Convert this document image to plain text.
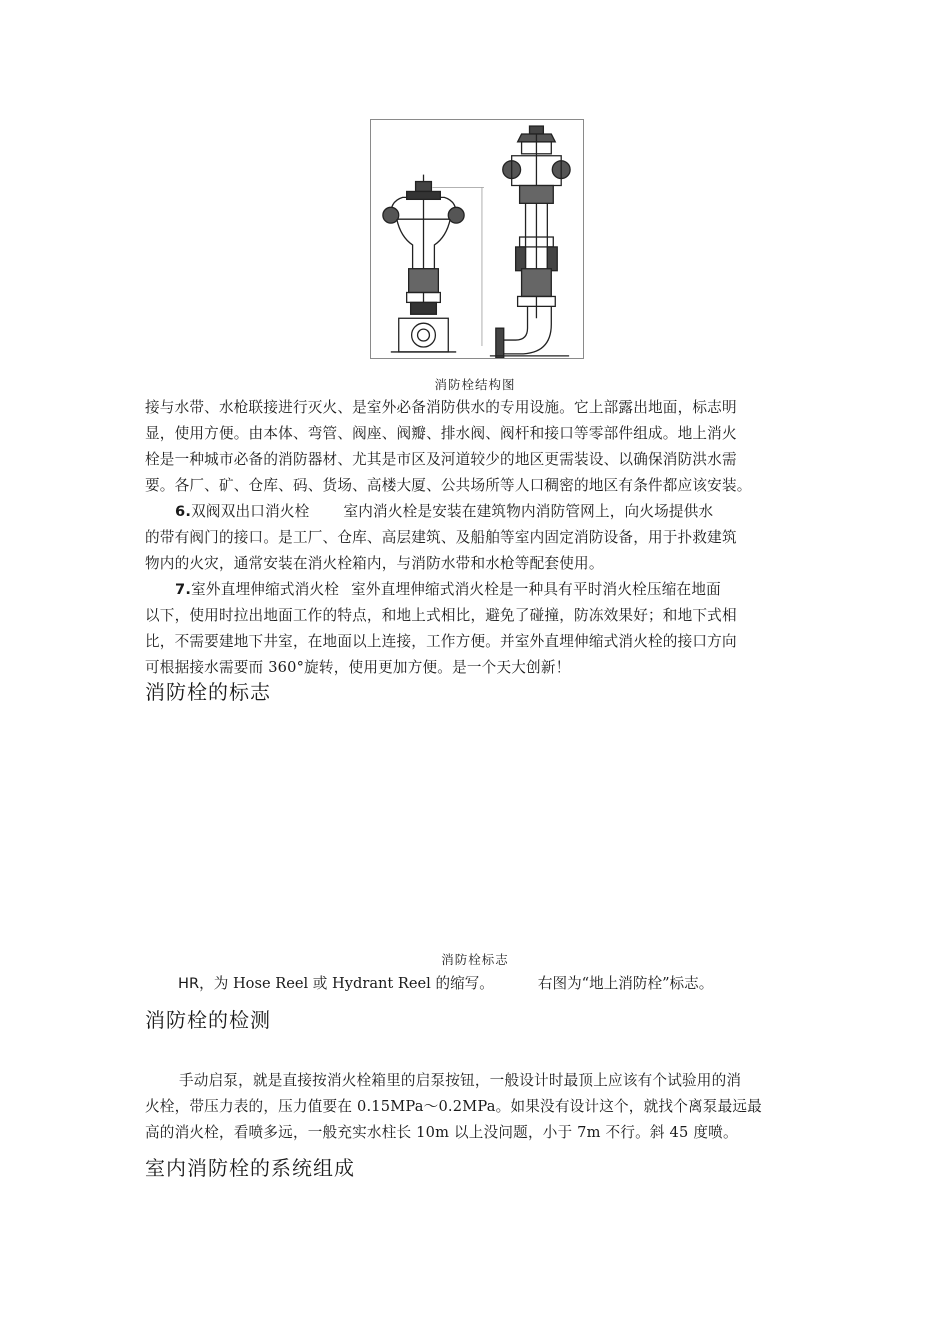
消防栓结构图
接与水带、水枪联接进行灭火、是室外必备消防供水的专用设施。它上部露出地面，标志明
显，使用方便。由本体、弯管、阀座、阀瓣、排水阀、阀杆和接口等零部件组成。地上消火
栓是一种城市必备的消防器材、尤其是市区及河道较少的地区更需装设、以确保消防洪水需
要。各厂、矿、仓库、码、货场、高楼大厦、公共场所等人口稠密的地区有条件都应该安装。
6.双阀双出口消火栓 室内消火栓是安装在建筑物内消防管网上，向火场提供水
的带有阀门的接口。是工厂、仓库、高层建筑、及船舶等室内固定消防设备，用于扑救建筑
物内的火灾，通常安装在消火栓箱内，与消防水带和水枪等配套使用。
7.室外直埋伸缩式消火栓 室外直埋伸缩式消火栓是一种具有平时消火栓压缩在地面
以下，使用时拉出地面工作的特点，和地上式相比，避免了碰撞，防冻效果好；和地下式相
比，不需要建地下井室，在地面以上连接，工作方便。并室外直埋伸缩式消火栓的接口方向
可根据接水需要而 360°旋转，使用更加方便。是一个天大创新！
消防栓的标志
消防栓标志
HR，为 Hose Reel 或 Hydrant Reel 的缩写。	右图为“地上消防栓”标志。
消防栓的检测
手动启泵，就是直接按消火栓箱里的启泵按钮，一般设计时最顶上应该有个试验用的消
火栓，带压力表的，压力值要在 0.15MPa～0.2MPa。如果没有设计这个，就找个离泵最远最
高的消火栓，看喷多远，一般充实水柱长 10m 以上没问题，小于 7m 不行。斜 45 度喷。
室内消防栓的系统组成
